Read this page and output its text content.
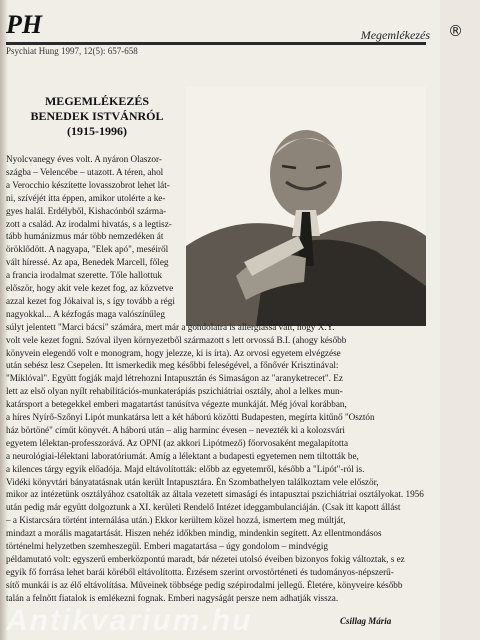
PH	Megemlékezés
Psychiat Hung 1997, 12(5): 657-658
MEGEMLÉKEZÉS
BENEDEK ISTVÁNRÓL
(1915-1996)
Nyolcvanegy éves volt. A nyáron Olaszor-
szágba – Velencébe – utazott. A téren, ahol
a Verocchio készítette lovasszobrot lehet lát-
ni, szívéjét itta éppen, amikor utolérte a ke-
gyes halál. Erdélyből, Kishacónból szárma-
zott a család. Az irodalmi hivatás, s a legtisz-
tább humánizmus már több nemzedéken át
öröklődött. A nagyapa, "Elek apó", meséiről
vált híressé. Az apa, Benedek Marcell, főleg
a francia irodalmat szerette. Tőle hallottuk
először, hogy akit vele kezet fog, az közvetve
azzal kezet fog Jókaival is, s így tovább a régi
nagyokkal... A kézfogás maga valószínűleg
súlyt jelentett "Marci bácsi" számára, mert már a gondolatra is allergiássá vált, hogy X.Y.
volt vele kezet fogni. Szóval ilyen környezetből származott s lett orvossá B.I. (ahogy később
könyvein elegendő volt e monogram, hogy jelezze, ki is írta). Az orvosi egyetem elvégzése
után sebész lesz Csepelen. Itt ismerkedik meg későbbi feleségével, a főnővér Krisztinával:
"Miklóval". Együtt fogják majd létrehozni Intapusztán és Simaságon az "aranyketrecet". Ez
lett az első olyan nyílt rehabilitációs-munkaterápiás pszichiátriai osztály, ahol a lelkes mun-
katársport a betegekkel emberi magatartást tanúsítva végezte munkáját. Még jóval korábban,
a híres Nyírő-Szőnyi Lipót munkatársa lett a két háború közötti Budapesten, megírta kitűnő "Osztón
ház börtöné" címűt könyvét. A háború után – alig harminc évesen – nevezték ki a kolozsvári
egyetem lélektan-professzorává. Az OPNI (az akkori Lipótmező) főorvosaként megalapította
a neurológiai-lélektani laboratóriumát. Amíg a lélektant a budapesti egyetemen nem tiltották be,
a kilences tárgy egyik előadója. Majd eltávolították: előbb az egyetemről, később a "Lipót"-ról is.
Vidéki könyvtári bányatatásnak után került Intapusztára. Én Szombathelyen találkoztam vele először,
mikor az intézetünk osztályához csatolták az általa vezetett simaságí és intapusztai pszichiátriai osztályokat. 1956
után pedig már együtt dolgoztunk a XI. kerületi Rendelő Intézet ideggambulanciáján. (Csak itt kapott állást
– a Kistarcsára történt internálása után.) Ekkor kerültem közel hozzá, ismertem meg múltját,
mindazt a morális magatartását. Hiszen nehéz időkben mindig, mindenkin segített. Az ellentmondásos
történelmi helyzetben szemheszegül. Emberi magatartása – úgy gondolom – mindvégig
példamutató volt: egyszerű emberközpontú maradt, bár nézetei utolsó éveiben bizonyos fokig változtak, s ez
egyik fő forrása lehet barái köréből eltávolította. Érzésem szerint orvostörténeti és tudományos-népszerű-
sítő munkái is az élő eltávolítása. Műveinek többsége pedig szépirodalmi jellegű. Életére, könyveire később
talán a felnőtt fiatalok is emlékezni fognak. Emberi nagyságát persze nem adhatják vissza.
Antikvarium.hu	Csillag Mária
®
